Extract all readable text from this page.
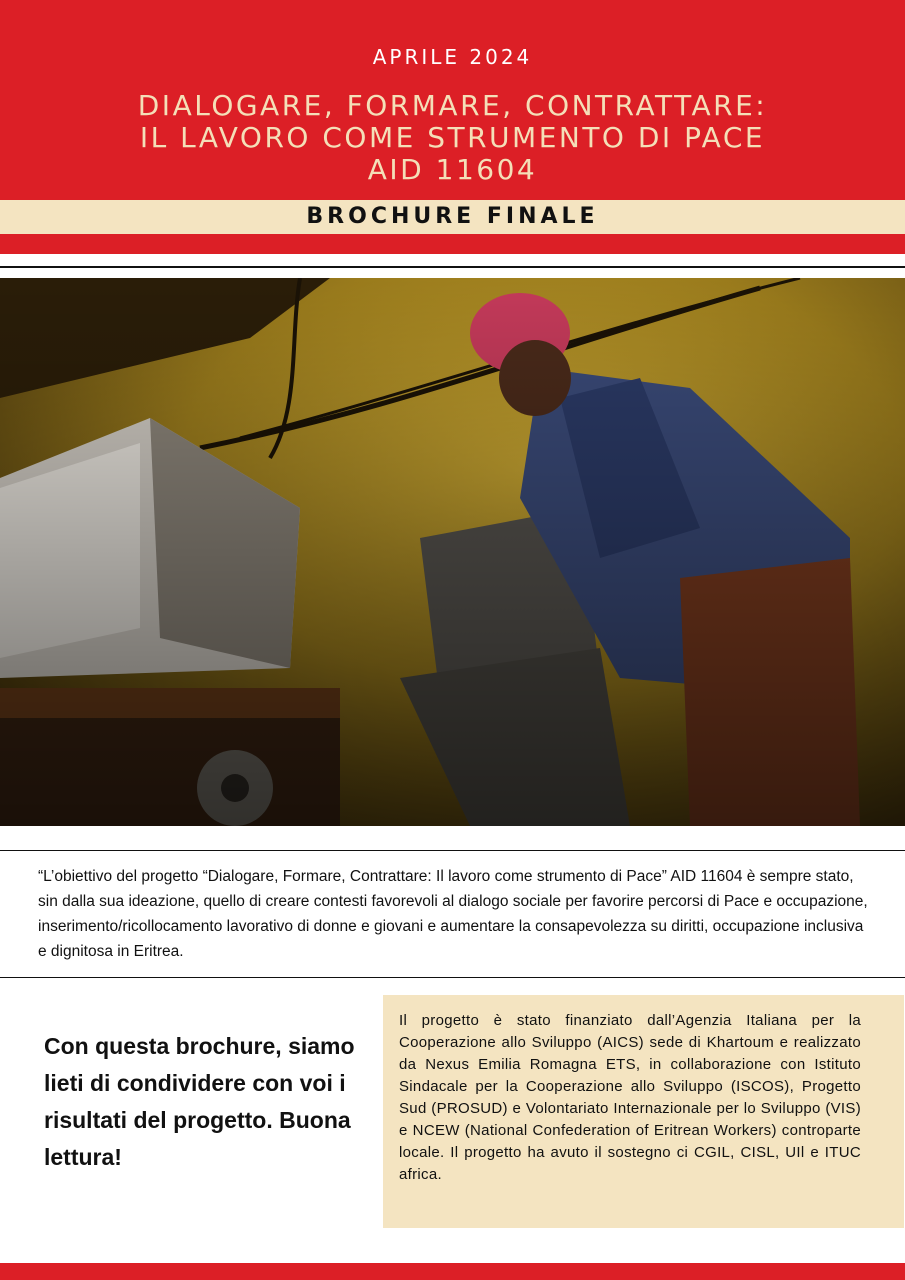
APRILE 2024
DIALOGARE, FORMARE, CONTRATTARE:
IL LAVORO COME STRUMENTO DI PACE
AID 11604
BROCHURE FINALE
“L’obiettivo del progetto “Dialogare, Formare, Contrattare: Il lavoro come strumento di Pace” AID 11604 è sempre stato, sin dalla sua ideazione, quello di creare contesti favorevoli al dialogo sociale per favorire percorsi di Pace e occupazione, inserimento/ricollocamento lavorativo di donne e giovani e aumentare la consapevolezza su diritti, occupazione inclusiva e dignitosa in Eritrea.
Con questa brochure, siamo lieti di condividere con voi i risultati del progetto. Buona lettura!
Il progetto è stato finanziato dall’Agenzia Italiana per la Cooperazione allo Sviluppo (AICS) sede di Khartoum e realizzato da Nexus Emilia Romagna ETS, in collaborazione con Istituto Sindacale per la Cooperazione allo Sviluppo (ISCOS), Progetto Sud (PROSUD) e Volontariato Internazionale per lo Sviluppo (VIS) e NCEW (National Confederation of Eritrean Workers) controparte locale. Il progetto ha avuto il sostegno ci CGIL, CISL, UIl e ITUC africa.
